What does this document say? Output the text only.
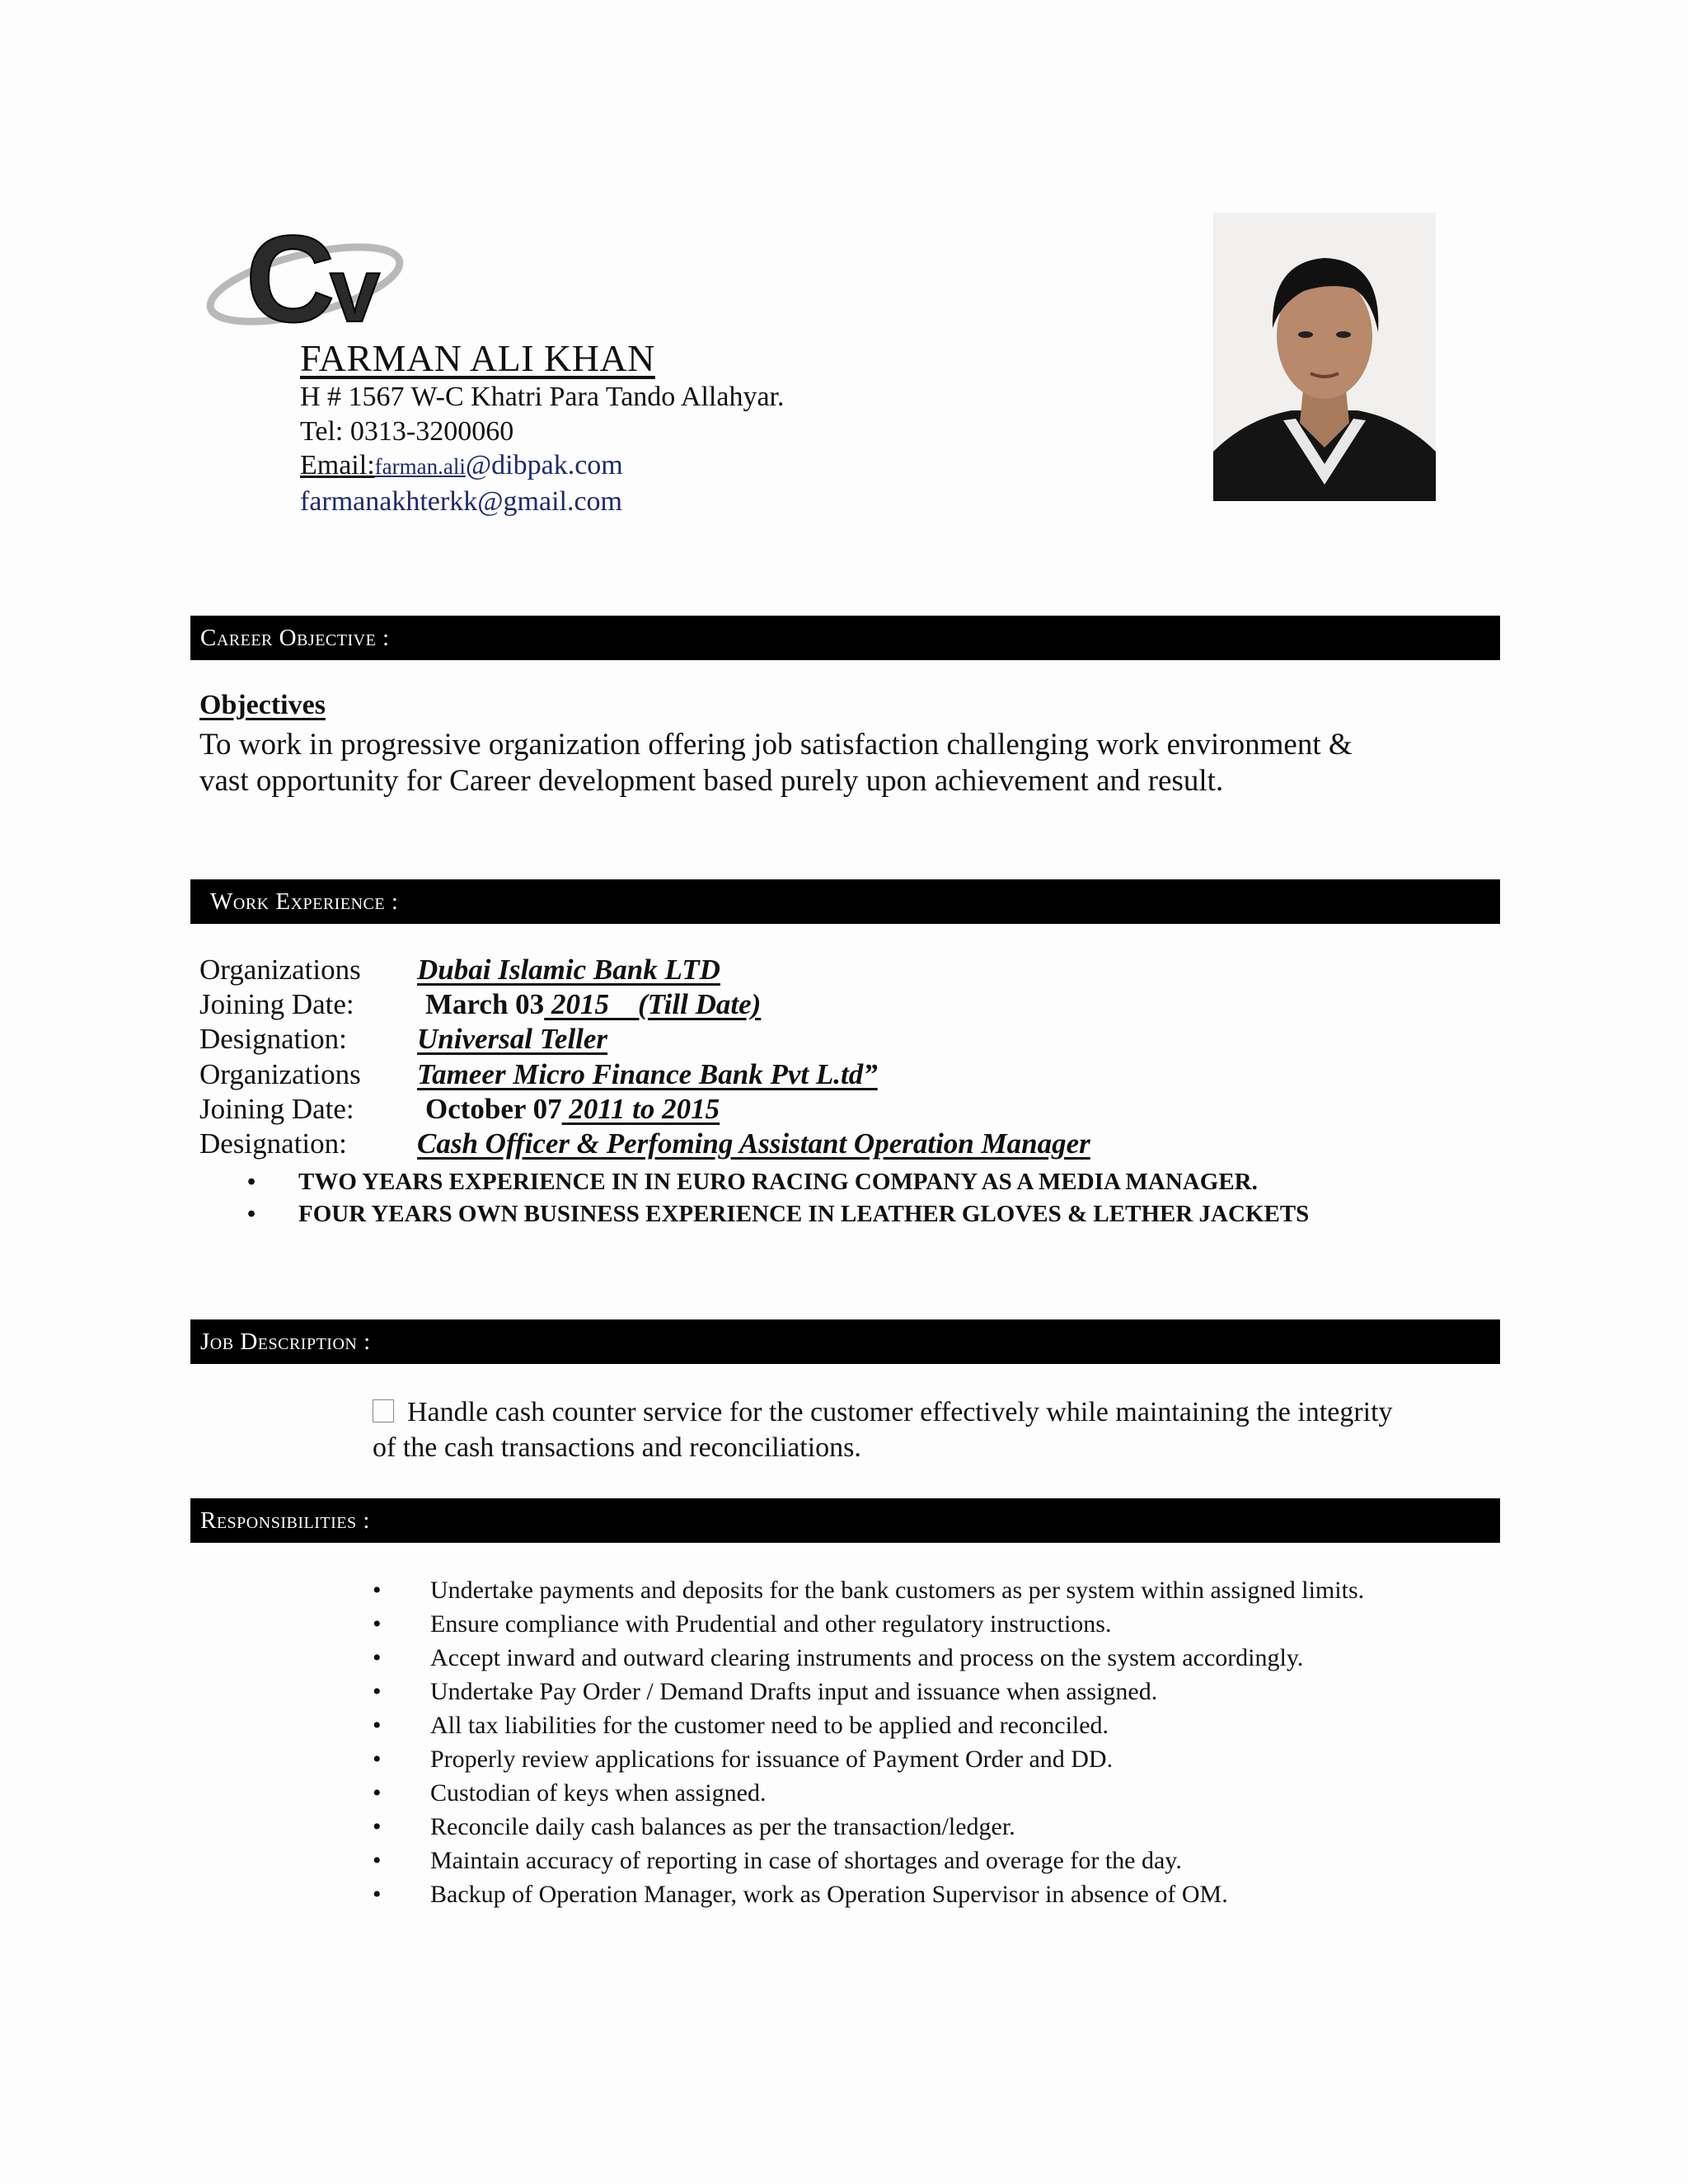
C
v
FARMAN ALI KHAN
H # 1567 W-C Khatri Para Tando Allahyar.
Tel: 0313-3200060
Email:farman.ali@dibpak.com
farmanakhterkk@gmail.com
Career Objective :
Objectives
To work in progressive organization offering job satisfaction challenging work environment &
vast opportunity for Career development based purely upon achievement and result.
Work Experience :
Organizations Dubai Islamic Bank LTD
Joining Date: March 03 2015    (Till Date)
Designation: Universal Teller
Organizations Tameer Micro Finance Bank Pvt L.td”
Joining Date: October 07 2011 to 2015
Designation: Cash Officer & Perfoming Assistant Operation Manager
• TWO YEARS EXPERIENCE IN IN EURO RACING COMPANY AS A MEDIA MANAGER.
• FOUR YEARS OWN BUSINESS EXPERIENCE IN LEATHER GLOVES & LETHER JACKETS
Job Description :
Handle cash counter service for the customer effectively while maintaining the integrity
of the cash transactions and reconciliations.
Responsibilities :
• Undertake payments and deposits for the bank customers as per system within assigned limits.
• Ensure compliance with Prudential and other regulatory instructions.
• Accept inward and outward clearing instruments and process on the system accordingly.
• Undertake Pay Order / Demand Drafts input and issuance when assigned.
• All tax liabilities for the customer need to be applied and reconciled.
• Properly review applications for issuance of Payment Order and DD.
• Custodian of keys when assigned.
• Reconcile daily cash balances as per the transaction/ledger.
• Maintain accuracy of reporting in case of shortages and overage for the day.
• Backup of Operation Manager, work as Operation Supervisor in absence of OM.
